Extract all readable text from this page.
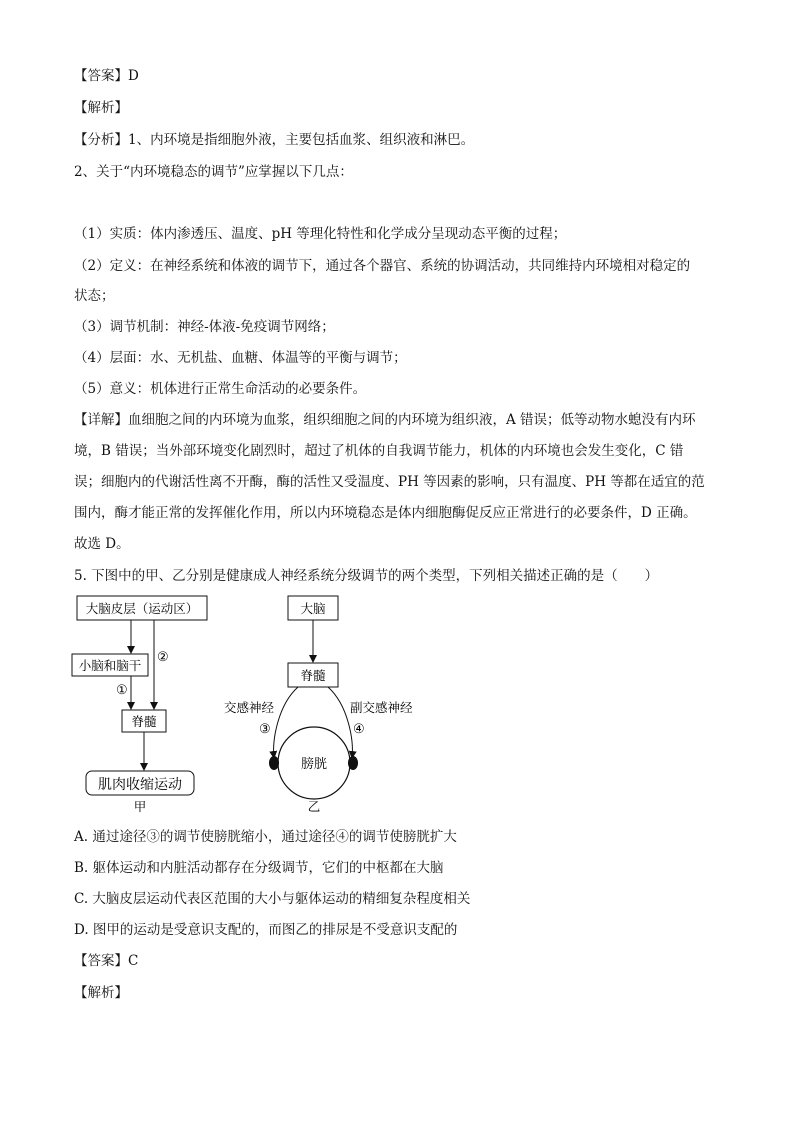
【答案】D
【解析】
【分析】1、内环境是指细胞外液，主要包括血浆、组织液和淋巴。
2、关于“内环境稳态的调节”应掌握以下几点：
（1）实质：体内渗透压、温度、pH 等理化特性和化学成分呈现动态平衡的过程；
（2）定义：在神经系统和体液的调节下，通过各个器官、系统的协调活动，共同维持内环境相对稳定的
状态；
（3）调节机制：神经-体液-免疫调节网络；
（4）层面：水、无机盐、血糖、体温等的平衡与调节；
（5）意义：机体进行正常生命活动的必要条件。
【详解】血细胞之间的内环境为血浆，组织细胞之间的内环境为组织液，A 错误；低等动物水螅没有内环
境，B 错误；当外部环境变化剧烈时，超过了机体的自我调节能力，机体的内环境也会发生变化，C 错
误；细胞内的代谢活性离不开酶，酶的活性又受温度、PH 等因素的影响，只有温度、PH 等都在适宜的范
围内，酶才能正常的发挥催化作用，所以内环境稳态是体内细胞酶促反应正常进行的必要条件，D 正确。
故选 D。
5. 下图中的甲、乙分别是健康成人神经系统分级调节的两个类型，下列相关描述正确的是（　　）
大脑皮层（运动区）
小脑和脑干
脊髓
肌肉收缩运动
①
②
甲
大脑
脊髓
交感神经	副交感神经
③	④
膀胱
乙
A. 通过途径③的调节使膀胱缩小，通过途径④的调节使膀胱扩大
B. 躯体运动和内脏活动都存在分级调节，它们的中枢都在大脑
C. 大脑皮层运动代表区范围的大小与躯体运动的精细复杂程度相关
D. 图甲的运动是受意识支配的，而图乙的排尿是不受意识支配的
【答案】C
【解析】
